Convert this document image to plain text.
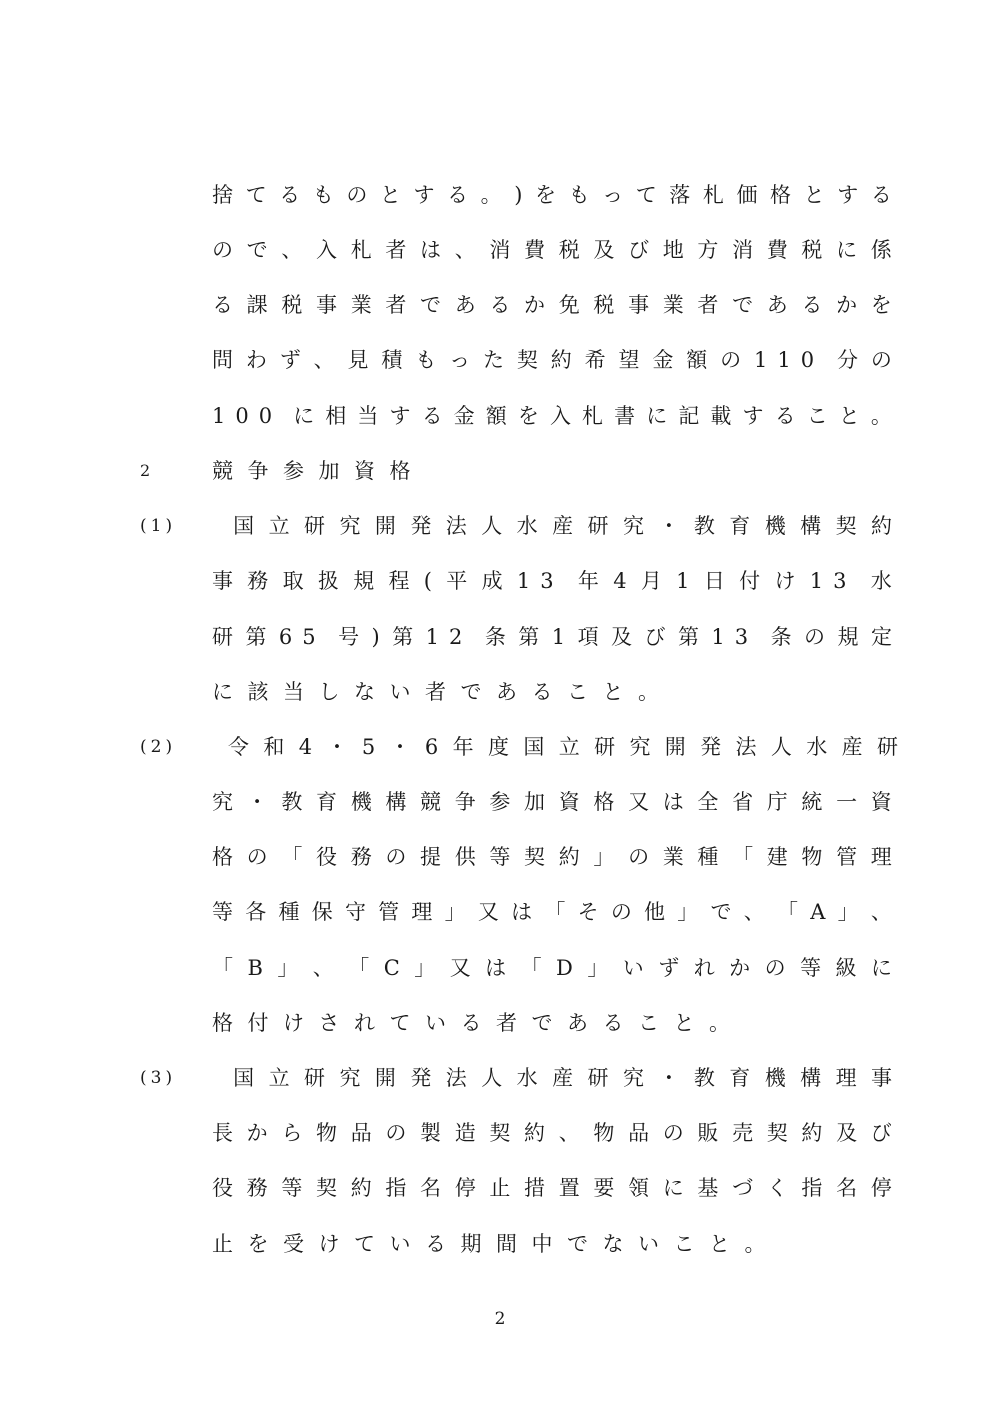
捨 て る も の と す る 。 ) を も っ て 落 札 価 格 と す る
の で 、 入 札 者 は 、 消 費 税 及 び 地 方 消 費 税 に 係
る 課 税 事 業 者 で あ る か 免 税 事 業 者 で あ る か を
問 わ ず 、 見 積 も っ た 契 約 希 望 金 額 の 110 分 の
100 に 相 当 す る 金 額 を 入 札 書 に 記 載 す る こ と 。
2	競 争 参 加 資 格
(1)
	国 立 研 究 開 発 法 人 水 産 研 究 ・ 教 育 機 構 契 約
事 務 取 扱 規 程 ( 平 成 13 年 4 月 1 日 付 け 13 水
研 第 65 号 ) 第 12 条 第 1 項 及 び 第 13 条 の 規 定
に 該 当 し な い 者 で あ る こ と 。
(2) 令 和 4 ・ 5 ・ 6 年 度 国 立 研 究 開 発 法 人 水 産 研
究 ・ 教 育 機 構 競 争 参 加 資 格 又 は 全 省 庁 統 一 資
格 の 「 役 務 の 提 供 等 契 約 」 の 業 種 「 建 物 管 理
等 各 種 保 守 管 理 」 又 は 「 そ の 他 」 で 、 「 A 」 、
「 B 」 、 「 C 」 又 は 「 D 」 い ず れ か の 等 級 に
格 付 け さ れ て い る 者 で あ る こ と 。
(3)
	国 立 研 究 開 発 法 人 水 産 研 究 ・ 教 育 機 構 理 事
長 か ら 物 品 の 製 造 契 約 、 物 品 の 販 売 契 約 及 び
役 務 等 契 約 指 名 停 止 措 置 要 領 に 基 づ く 指 名 停
止 を 受 け て い る 期 間 中 で な い こ と 。
2
